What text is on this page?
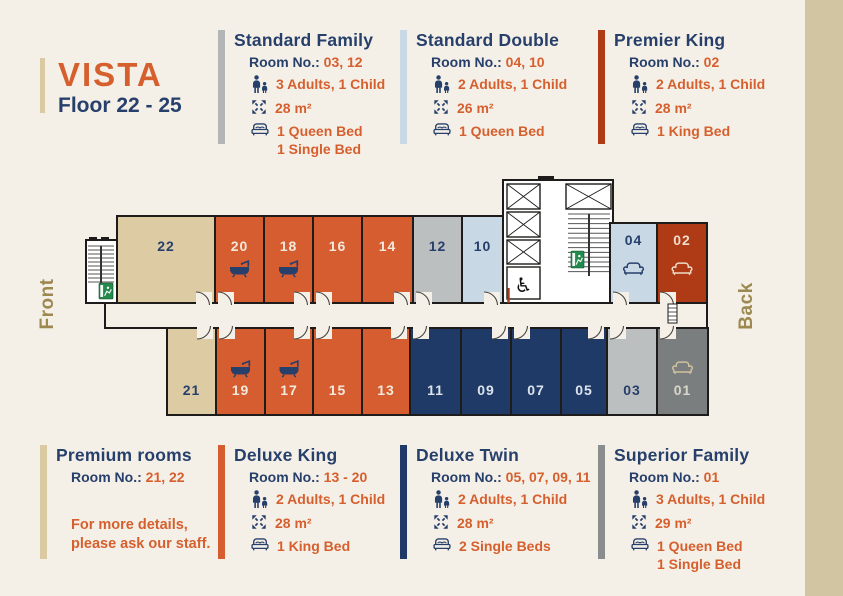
VISTA
Floor 22 - 25
Standard Family
Room No.: 03, 12
3 Adults, 1 Child
28 m²
1 Queen Bed
1 Single Bed
Standard Double
Room No.: 04, 10
2 Adults, 1 Child
26 m²
1 Queen Bed
Premier King
Room No.: 02
2 Adults, 1 Child
28 m²
1 King Bed
Premium rooms
Room No.: 21, 22
For more details,
please ask our staff.
Deluxe King
Room No.: 13 - 20
2 Adults, 1 Child
28 m²
1 King Bed
Deluxe Twin
Room No.: 05, 07, 09, 11
2 Adults, 1 Child
28 m²
2 Single Beds
Superior Family
Room No.: 01
3 Adults, 1 Child
29 m²
1 Queen Bed
1 Single Bed
♿
22	20 18 16 14 12 10	04 02
21 19 17 15 13 11 09 07 05 03 01
Front	Back
